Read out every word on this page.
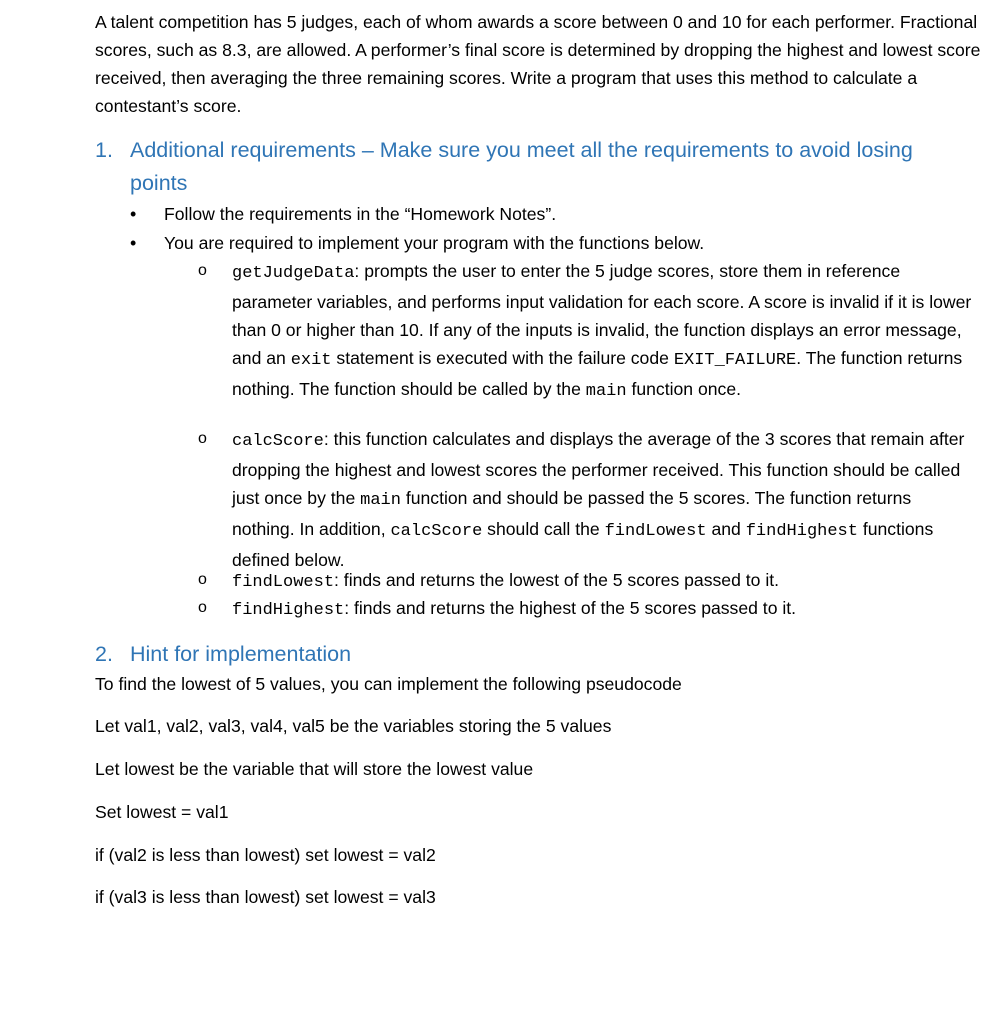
A talent competition has 5 judges, each of whom awards a score between 0 and 10 for each performer. Fractional scores, such as 8.3, are allowed. A performer’s final score is determined by dropping the highest and lowest score received, then averaging the three remaining scores. Write a program that uses this method to calculate a contestant’s score.

1. Additional requirements – Make sure you meet all the requirements to avoid losing points
•	Follow the requirements in the “Homework Notes”.
•	You are required to implement your program with the functions below.
o getJudgeData: prompts the user to enter the 5 judge scores, store them in reference parameter variables, and performs input validation for each score. A score is invalid if it is lower than 0 or higher than 10. If any of the inputs is invalid, the function displays an error message, and an exit statement is executed with the failure code EXIT_FAILURE. The function returns nothing. The function should be called by the main function once.
o calcScore: this function calculates and displays the average of the 3 scores that remain after dropping the highest and lowest scores the performer received. This function should be called just once by the main function and should be passed the 5 scores. The function returns nothing. In addition, calcScore should call the findLowest and findHighest functions defined below.
o findLowest: finds and returns the lowest of the 5 scores passed to it.
o findHighest: finds and returns the highest of the 5 scores passed to it.
2. Hint for implementation
To find the lowest of 5 values, you can implement the following pseudocode
Let val1, val2, val3, val4, val5 be the variables storing the 5 values
Let lowest be the variable that will store the lowest value
Set lowest = val1
if (val2 is less than lowest) set lowest = val2
if (val3 is less than lowest) set lowest = val3
